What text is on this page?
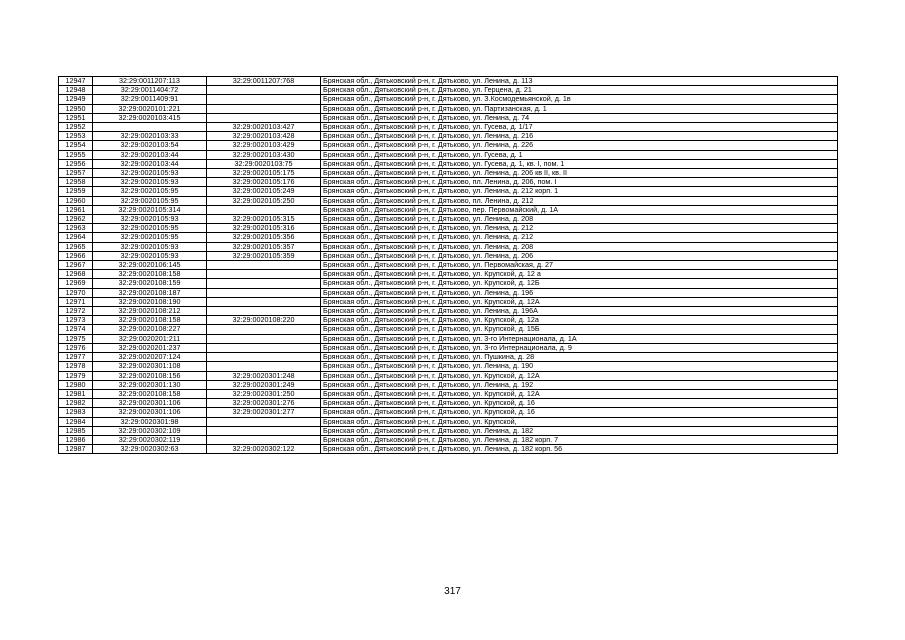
12947	32:29:0011207:113	32:29:0011207:768	Брянская обл., Дятьковский р-н, г. Дятьково, ул. Ленина, д. 113
12948	32:29:0011404:72		Брянская обл., Дятьковский р-н, г. Дятьково, ул. Герцена, д. 21
12949	32:29:0011409:91		Брянская обл., Дятьковский р-н, г. Дятьково, ул. З.Космодемьянской, д. 1в
12950	32:29:0020101:221		Брянская обл., Дятьковский р-н, г. Дятьково, ул. Партизанская, д. 1
12951	32:29:0020103:415		Брянская обл., Дятьковский р-н, г. Дятьково, ул. Ленина, д. 74
12952		32:29:0020103:427	Брянская обл., Дятьковский р-н, г. Дятьково, ул. Гусева, д. 1/17
12953	32:29:0020103:33	32:29:0020103:428	Брянская обл., Дятьковский р-н, г. Дятьково, ул. Ленина, д. 216
12954	32:29:0020103:54	32:29:0020103:429	Брянская обл., Дятьковский р-н, г. Дятьково, ул. Ленина, д. 226
12955	32:29:0020103:44	32:29:0020103:430	Брянская обл., Дятьковский р-н, г. Дятьково, ул. Гусева, д. 1
12956	32:29:0020103:44	32:29:0020103:75	Брянская обл., Дятьковский р-н, г. Дятьково, ул. Гусева, д. 1, кв. I, пом. 1
12957	32:29:0020105:93	32:29:0020105:175	Брянская обл., Дятьковский р-н, г. Дятьково, ул. Ленина, д. 206 кв II, кв. II
12958	32:29:0020105:93	32:29:0020105:176	Брянская обл., Дятьковский р-н, г. Дятьково, пл. Ленина, д. 206, пом. I
12959	32:29:0020105:95	32:29:0020105:249	Брянская обл., Дятьковский р-н, г. Дятьково, ул. Ленина, д. 212 корп. 1
12960	32:29:0020105:95	32:29:0020105:250	Брянская обл., Дятьковский р-н, г. Дятьково, пл. Ленина, д. 212
12961	32:29:0020105:314		Брянская обл., Дятьковский р-н, г. Дятьково, пер. Первомайский, д. 1А
12962	32:29:0020105:93	32:29:0020105:315	Брянская обл., Дятьковский р-н, г. Дятьково, ул. Ленина, д. 208
12963	32:29:0020105:95	32:29:0020105:316	Брянская обл., Дятьковский р-н, г. Дятьково, ул. Ленина, д. 212
12964	32:29:0020105:95	32:29:0020105:356	Брянская обл., Дятьковский р-н, г. Дятьково, ул. Ленина, д. 212
12965	32:29:0020105:93	32:29:0020105:357	Брянская обл., Дятьковский р-н, г. Дятьково, ул. Ленина, д. 208
12966	32:29:0020105:93	32:29:0020105:359	Брянская обл., Дятьковский р-н, г. Дятьково, ул. Ленина, д. 206
12967	32:29:0020106:145		Брянская обл., Дятьковский р-н, г. Дятьково, ул. Первомайская, д. 27
12968	32:29:0020108:158		Брянская обл., Дятьковский р-н, г. Дятьково, ул. Крупской, д. 12 а
12969	32:29:0020108:159		Брянская обл., Дятьковский р-н, г. Дятьково, ул. Крупской, д. 12Б
12970	32:29:0020108:187		Брянская обл., Дятьковский р-н, г. Дятьково, ул. Ленина, д. 196
12971	32:29:0020108:190		Брянская обл., Дятьковский р-н, г. Дятьково, ул. Крупской, д. 12А
12972	32:29:0020108:212		Брянская обл., Дятьковский р-н, г. Дятьково, ул. Ленина, д. 196А
12973	32:29:0020108:158	32:29:0020108:220	Брянская обл., Дятьковский р-н, г. Дятьково, ул. Крупской, д. 12а
12974	32:29:0020108:227		Брянская обл., Дятьковский р-н, г. Дятьково, ул. Крупской, д. 15Б
12975	32:29:0020201:211		Брянская обл., Дятьковский р-н, г. Дятьково, ул. 3-го Интернационала, д. 1А
12976	32:29:0020201:237		Брянская обл., Дятьковский р-н, г. Дятьково, ул. 3-го Интернационала, д. 9
12977	32:29:0020207:124		Брянская обл., Дятьковский р-н, г. Дятьково, ул. Пушкина, д. 28
12978	32:29:0020301:108		Брянская обл., Дятьковский р-н, г. Дятьково, ул. Ленина, д. 190
12979	32:29:0020108:156	32:29:0020301:248	Брянская обл., Дятьковский р-н, г. Дятьково, ул. Крупской, д. 12А
12980	32:29:0020301:130	32:29:0020301:249	Брянская обл., Дятьковский р-н, г. Дятьково, ул. Ленина, д. 192
12981	32:29:0020108:158	32:29:0020301:250	Брянская обл., Дятьковский р-н, г. Дятьково, ул. Крупской, д. 12А
12982	32:29:0020301:106	32:29:0020301:276	Брянская обл., Дятьковский р-н, г. Дятьково, ул. Крупской, д. 16
12983	32:29:0020301:106	32:29:0020301:277	Брянская обл., Дятьковский р-н, г. Дятьково, ул. Крупской, д. 16
12984	32:29:0020301:98		Брянская обл., Дятьковский р-н, г. Дятьково, ул. Крупской,
12985	32:29:0020302:109		Брянская обл., Дятьковский р-н, г. Дятьково, ул. Ленина, д. 182
12986	32:29:0020302:119		Брянская обл., Дятьковский р-н, г. Дятьково, ул. Ленина, д. 182 корп. 7
12987	32:29:0020302:63	32:29:0020302:122	Брянская обл., Дятьковский р-н, г. Дятьково, ул. Ленина, д. 182 корп. 56
317
